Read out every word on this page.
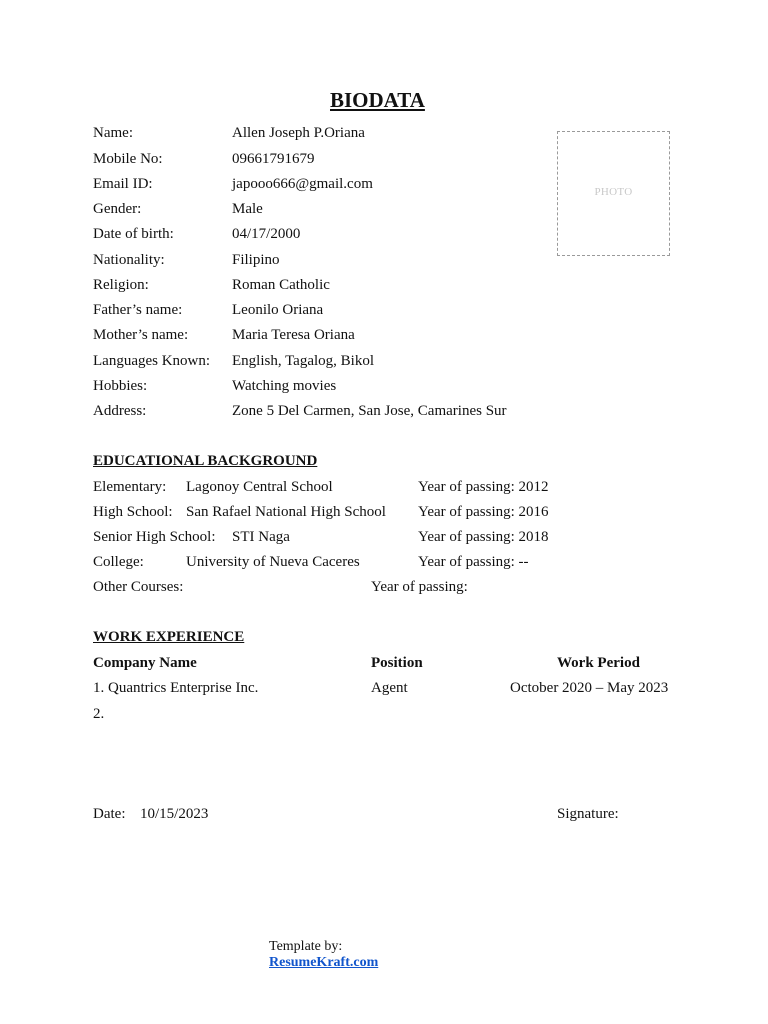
BIODATA
PHOTO
Name:	Allen Joseph P.Oriana
Mobile No:	09661791679
Email ID:	japooo666@gmail.com
Gender:	Male
Date of birth:	04/17/2000
Nationality:	Filipino
Religion:	Roman Catholic
Father’s name:	Leonilo Oriana
Mother’s name:	Maria Teresa Oriana
Languages Known: English, Tagalog, Bikol
Hobbies:	Watching movies
Address:	Zone 5 Del Carmen, San Jose, Camarines Sur
EDUCATIONAL BACKGROUND
Elementary: Lagonoy Central School	Year of passing: 2012
High School: San Rafael National High School Year of passing: 2016
Senior High School: STI Naga	Year of passing: 2018
College:	University of Nueva Caceres	Year of passing: --
Other Courses:	Year of passing:
WORK EXPERIENCE
Company Name	Position	Work Period
1. Quantrics Enterprise Inc.	Agent	October 2020 – May 2023
2.
Date: 10/15/2023	Signature:
Template by:
ResumeKraft.com
